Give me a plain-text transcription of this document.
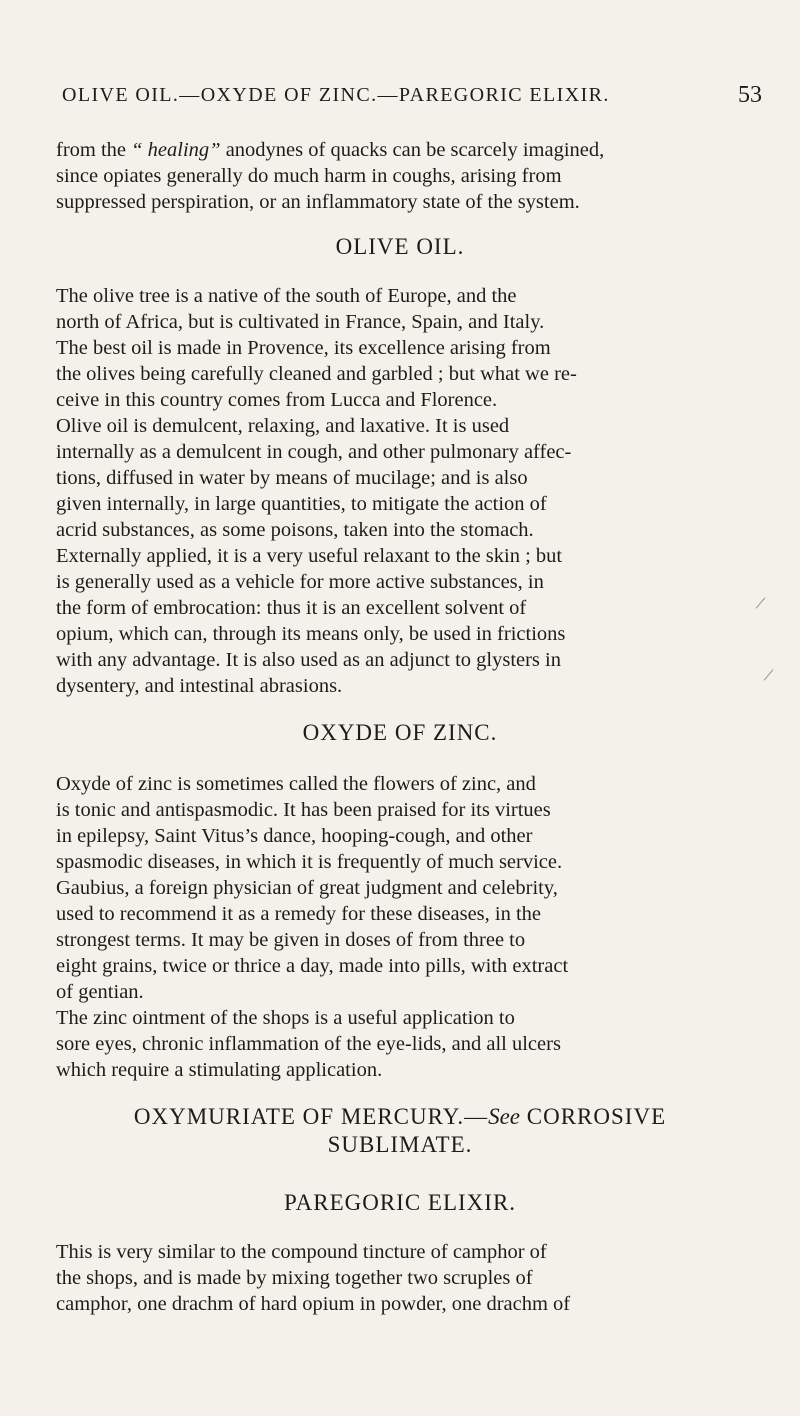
OLIVE OIL.—OXYDE OF ZINC.—PAREGORIC ELIXIR.	53
from the “ healing” anodynes of quacks can be scarcely imagined,
since opiates generally do much harm in coughs, arising from
suppressed perspiration, or an inflammatory state of the system.
OLIVE OIL.
The olive tree is a native of the south of Europe, and the
north of Africa, but is cultivated in France, Spain, and Italy.
The best oil is made in Provence, its excellence arising from
the olives being carefully cleaned and garbled ; but what we re-
ceive in this country comes from Lucca and Florence.
Olive oil is demulcent, relaxing, and laxative. It is used
internally as a demulcent in cough, and other pulmonary affec-
tions, diffused in water by means of mucilage; and is also
given internally, in large quantities, to mitigate the action of
acrid substances, as some poisons, taken into the stomach.
Externally applied, it is a very useful relaxant to the skin ; but
is generally used as a vehicle for more active substances, in
the form of embrocation: thus it is an excellent solvent of
opium, which can, through its means only, be used in frictions
with any advantage. It is also used as an adjunct to glysters in
dysentery, and intestinal abrasions.
OXYDE OF ZINC.
Oxyde of zinc is sometimes called the flowers of zinc, and
is tonic and antispasmodic. It has been praised for its virtues
in epilepsy, Saint Vitus’s dance, hooping-cough, and other
spasmodic diseases, in which it is frequently of much service.
Gaubius, a foreign physician of great judgment and celebrity,
used to recommend it as a remedy for these diseases, in the
strongest terms. It may be given in doses of from three to
eight grains, twice or thrice a day, made into pills, with extract
of gentian.
The zinc ointment of the shops is a useful application to
sore eyes, chronic inflammation of the eye-lids, and all ulcers
which require a stimulating application.
OXYMURIATE OF MERCURY.—See CORROSIVE
SUBLIMATE.
PAREGORIC ELIXIR.
This is very similar to the compound tincture of camphor of
the shops, and is made by mixing together two scruples of
camphor, one drachm of hard opium in powder, one drachm of
